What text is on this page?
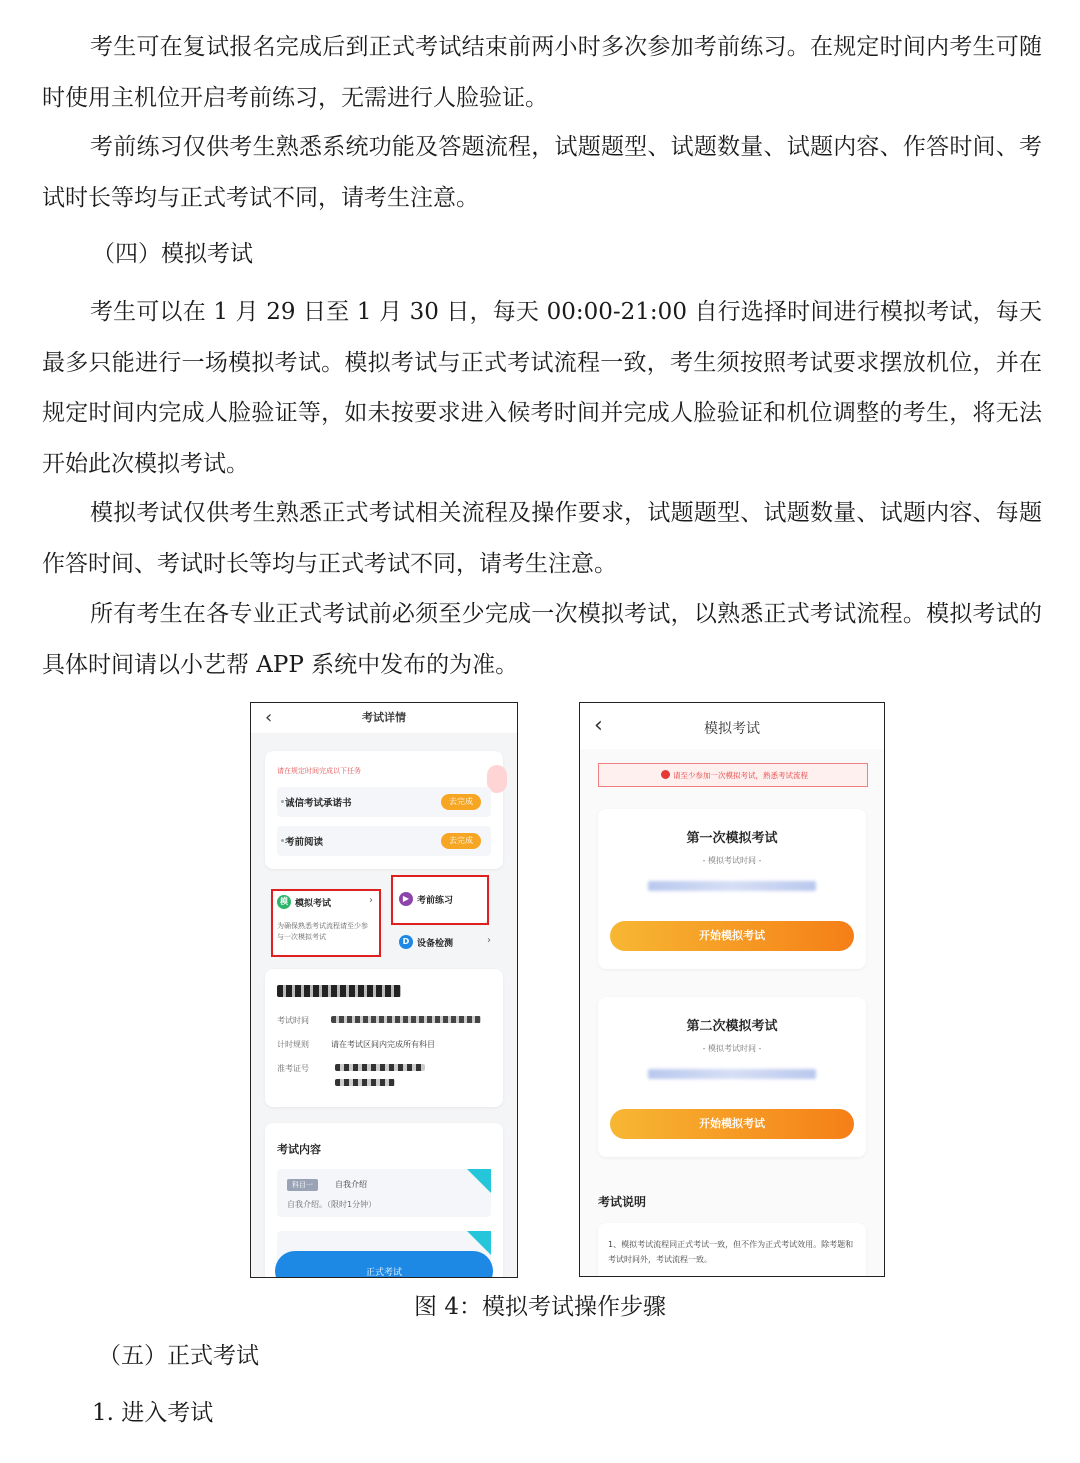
考生可在复试报名完成后到正式考试结束前两小时多次参加考前练习。在规定时间内考生可随时使用主机位开启考前练习，无需进行人脸验证。

考前练习仅供考生熟悉系统功能及答题流程，试题题型、试题数量、试题内容、作答时间、考试时长等均与正式考试不同，请考生注意。

（四）模拟考试

考生可以在 1 月 29 日至 1 月 30 日，每天 00:00-21:00 自行选择时间进行模拟考试，每天最多只能进行一场模拟考试。模拟考试与正式考试流程一致，考生须按照考试要求摆放机位，并在规定时间内完成人脸验证等，如未按要求进入候考时间并完成人脸验证和机位调整的考生，将无法开始此次模拟考试。

模拟考试仅供考生熟悉正式考试相关流程及操作要求，试题题型、试题数量、试题内容、每题作答时间、考试时长等均与正式考试不同，请考生注意。

所有考生在各专业正式考试前必须至少完成一次模拟考试，以熟悉正式考试流程。模拟考试的具体时间请以小艺帮 APP 系统中发布的为准。

‹	考试详情
请在规定时间完成以下任务
诚信考试承诺书	去完成
考前阅读	去完成
模 模拟考试	›
为确保熟悉考试流程请至少参与一次模拟考试
▶ 考前练习
D 设备检测	›
考试时间
计时规则	请在考试区间内完成所有科目
准考证号
考试内容
科目一	自我介绍
自我介绍。（限时1分钟）
正式考试
‹	模拟考试
请至少参加一次模拟考试，熟悉考试流程
第一次模拟考试
- 模拟考试时间 -
开始模拟考试
第二次模拟考试
- 模拟考试时间 -
开始模拟考试
考试说明
1、模拟考试流程同正式考试一致，但不作为正式考试效用。除考题和考试时间外，考试流程一致。
图 4：模拟考试操作步骤

（五）正式考试

1. 进入考试
